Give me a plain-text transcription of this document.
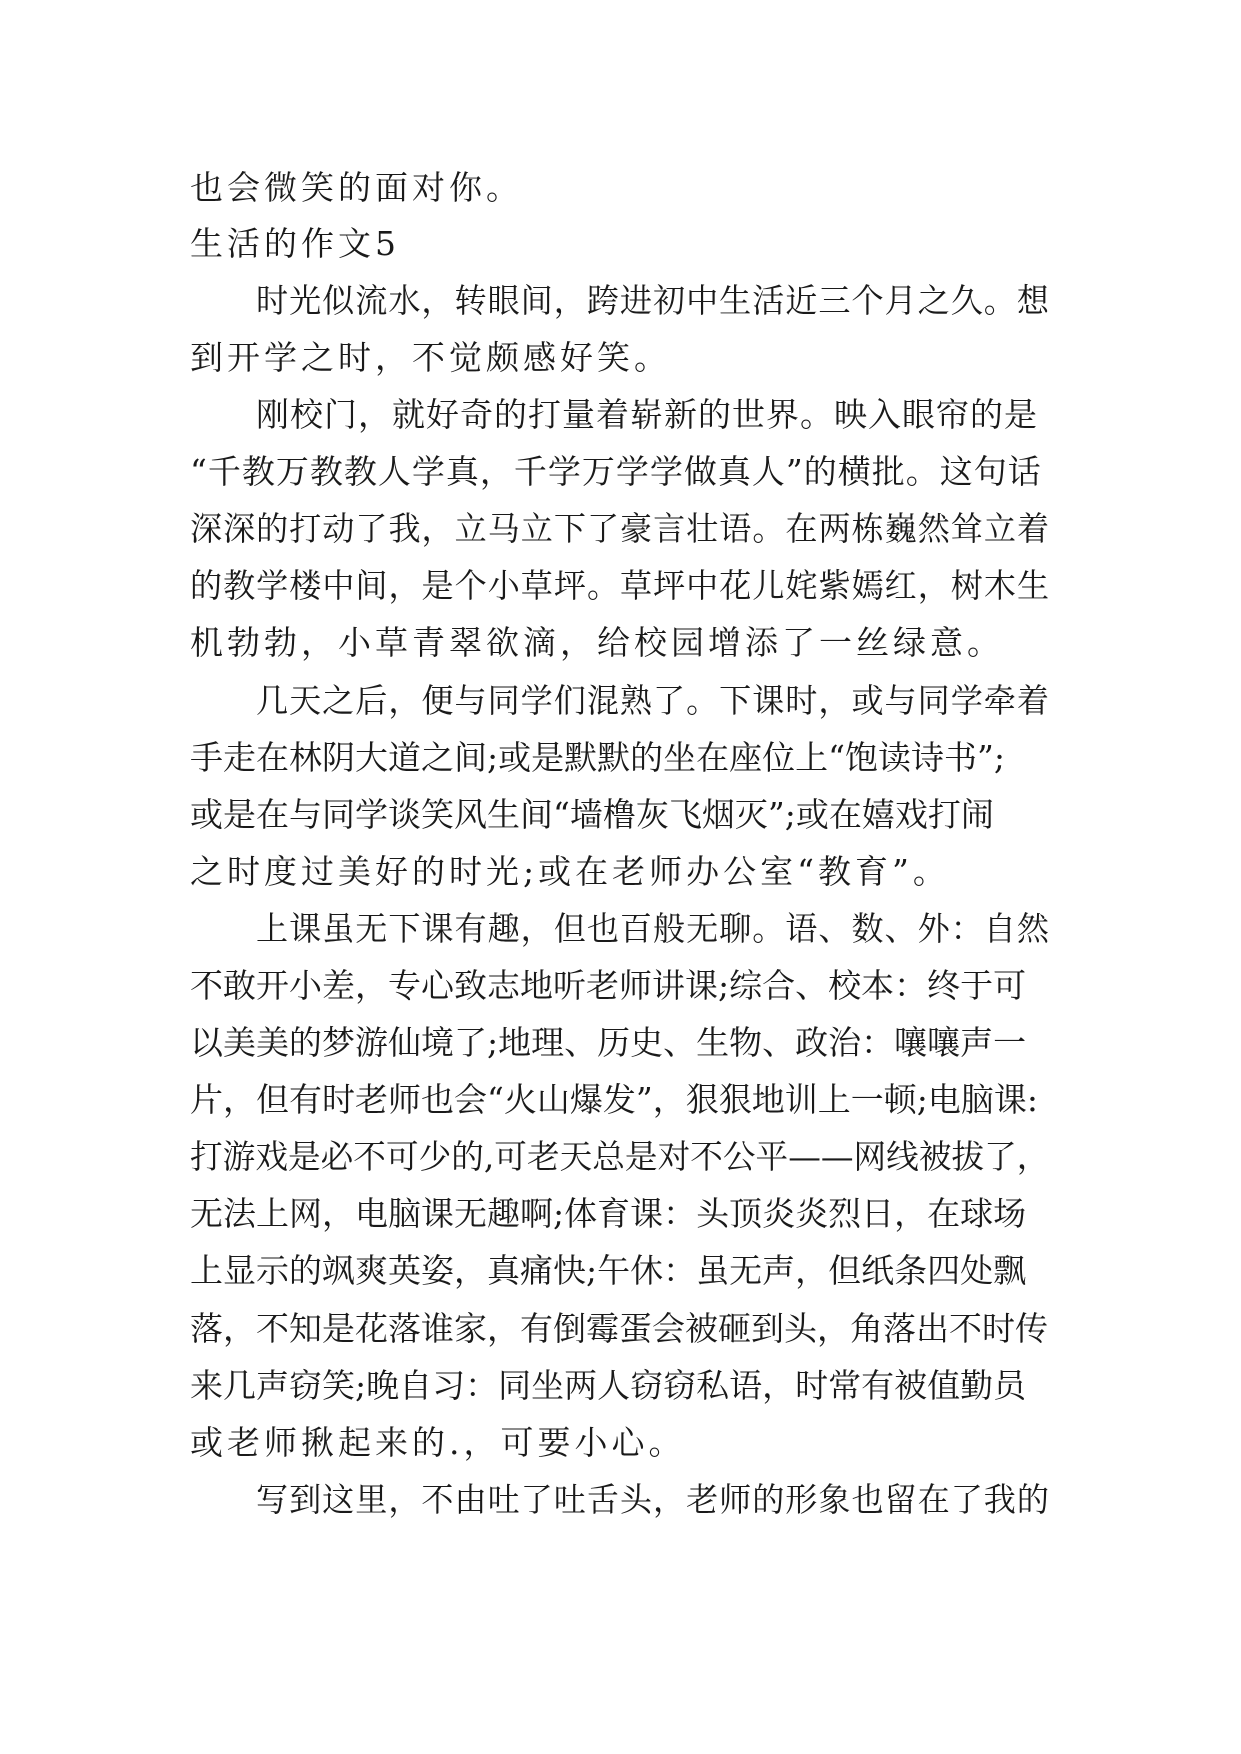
也会微笑的面对你。
生活的作文5
时光似流水，转眼间，跨进初中生活近三个月之久。想
到开学之时，不觉颇感好笑。
刚校门，就好奇的打量着崭新的世界。映入眼帘的是
“千教万教教人学真，千学万学学做真人”的横批。这句话
深深的打动了我，立马立下了豪言壮语。在两栋巍然耸立着
的教学楼中间，是个小草坪。草坪中花儿姹紫嫣红，树木生
机勃勃，小草青翠欲滴，给校园增添了一丝绿意。
几天之后，便与同学们混熟了。下课时，或与同学牵着
手走在林阴大道之间;或是默默的坐在座位上“饱读诗书”;
或是在与同学谈笑风生间“墙橹灰飞烟灭”;或在嬉戏打闹
之时度过美好的时光;或在老师办公室“教育”。
上课虽无下课有趣，但也百般无聊。语、数、外：自然
不敢开小差，专心致志地听老师讲课;综合、校本：终于可
以美美的梦游仙境了;地理、历史、生物、政治：嚷嚷声一
片，但有时老师也会“火山爆发”，狠狠地训上一顿;电脑课:
打游戏是必不可少的,可老天总是对不公平——网线被拔了，
无法上网，电脑课无趣啊;体育课：头顶炎炎烈日，在球场
上显示的飒爽英姿，真痛快;午休：虽无声，但纸条四处飘
落，不知是花落谁家，有倒霉蛋会被砸到头，角落出不时传
来几声窃笑;晚自习：同坐两人窃窃私语，时常有被值勤员
或老师揪起来的.，可要小心。
写到这里，不由吐了吐舌头，老师的形象也留在了我的
